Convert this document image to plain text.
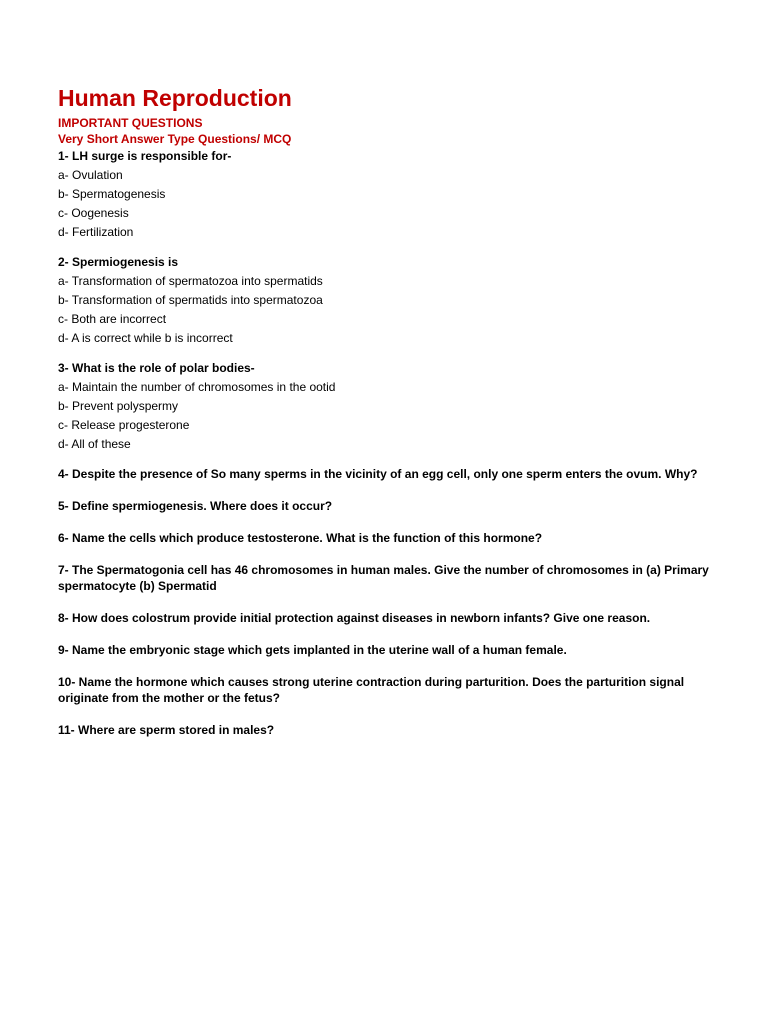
Human Reproduction
IMPORTANT QUESTIONS
Very Short Answer Type Questions/ MCQ
1- LH surge is responsible for-
a- Ovulation
b- Spermatogenesis
c- Oogenesis
d- Fertilization
2- Spermiogenesis is
a- Transformation of spermatozoa into spermatids
b- Transformation of spermatids into spermatozoa
c- Both are incorrect
d- A is correct while b is incorrect
3- What is the role of polar bodies-
a- Maintain the number of chromosomes in the ootid
b- Prevent polyspermy
c- Release progesterone
d- All of these
4- Despite the presence of So many sperms in the vicinity of an egg cell, only one sperm enters the ovum. Why?
5- Define spermiogenesis. Where does it occur?
6- Name the cells which produce testosterone. What is the function of this hormone?
7- The Spermatogonia cell has 46 chromosomes in human males. Give the number of chromosomes in (a) Primary spermatocyte (b) Spermatid
8- How does colostrum provide initial protection against diseases in newborn infants? Give one reason.
9- Name the embryonic stage which gets implanted in the uterine wall of a human female.
10- Name the hormone which causes strong uterine contraction during parturition. Does the parturition signal originate from the mother or the fetus?
11- Where are sperm stored in males?
